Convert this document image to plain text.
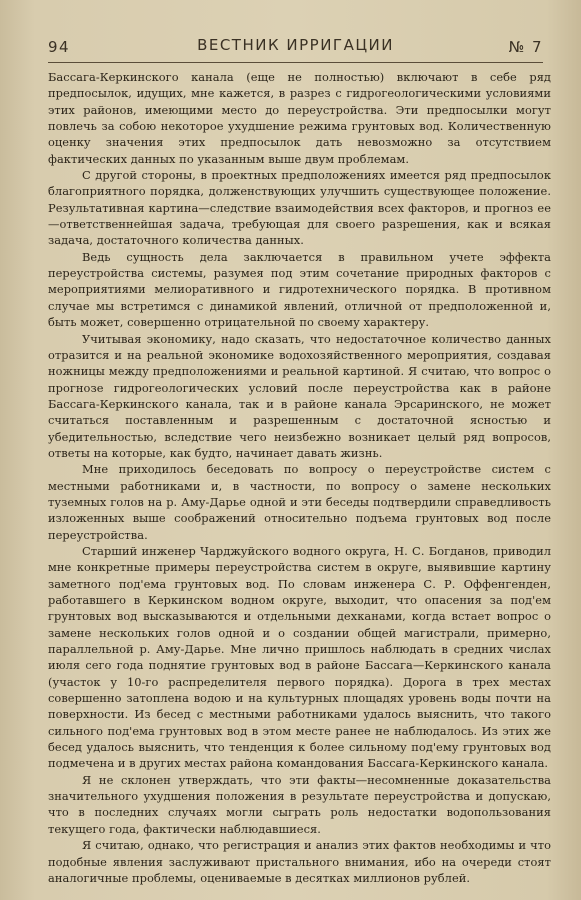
94	ВЕСТНИК ИРРИГАЦИИ	№ 7

Бассага-Керкинского канала (еще не полностью) включают в себе ряд предпосылок, идущих, мне кажется, в разрез с гидрогеологическими условиями этих районов, имеющими место до переустройства. Эти предпосылки могут повлечь за собою некоторое ухудшение режима грунтовых вод. Количественную оценку значения этих предпосылок дать невозможно за отсутствием фактических данных по указанным выше двум проблемам.

С другой стороны, в проектных предположениях имеется ряд предпосылок благоприятного порядка, долженствующих улучшить существующее положение. Результативная картина—следствие взаимодействия всех факторов, и прогноз ее—ответственнейшая задача, требующая для своего разрешения, как и всякая задача, достаточного количества данных.

Ведь сущность дела заключается в правильном учете эффекта переустройства системы, разумея под этим сочетание природных факторов с мероприятиями мелиоративного и гидротехнического порядка. В противном случае мы встретимся с динамикой явлений, отличной от предположенной и, быть может, совершенно отрицательной по своему характеру.

Учитывая экономику, надо сказать, что недостаточное количество данных отразится и на реальной экономике водохозяйственного мероприятия, создавая ножницы между предположениями и реальной картиной. Я считаю, что вопрос о прогнозе гидрогеологических условий после переустройства как в районе Бассага-Керкинского канала, так и в районе канала Эрсаринского, не может считаться поставленным и разрешенным с достаточной ясностью и убедительностью, вследствие чего неизбежно возникает целый ряд вопросов, ответы на которые, как будто, начинает давать жизнь.

Мне приходилось беседовать по вопросу о переустройстве систем с местными работниками и, в частности, по вопросу о замене нескольких туземных голов на р. Аму-Дарье одной и эти беседы подтвердили справедливость изложенных выше соображений относительно подъема грунтовых вод после переустройства.

Старший инженер Чарджуйского водного округа, Н. С. Богданов, приводил мне конкретные примеры переустройства систем в округе, выявившие картину заметного под'ема грунтовых вод. По словам инженера С. Р. Оффенгенден, работавшего в Керкинском водном округе, выходит, что опасения за под'ем грунтовых вод высказываются и отдельными дехканами, когда встает вопрос о замене нескольких голов одной и о создании общей магистрали, примерно, параллельной р. Аму-Дарье. Мне лично пришлось наблюдать в средних числах июля сего года поднятие грунтовых вод в районе Бассага—Керкинского канала (участок у 10-го распределителя первого порядка). Дорога в трех местах совершенно затоплена водою и на культурных площадях уровень воды почти на поверхности. Из бесед с местными работниками удалось выяснить, что такого сильного под'ема грунтовых вод в этом месте ранее не наблюдалось. Из этих же бесед удалось выяснить, что тенденция к более сильному под'ему грунтовых вод подмечена и в других местах района командования Бассага-Керкинского канала.

Я не склонен утверждать, что эти факты—несомненные доказательства значительного ухудшения положения в результате переустройства и допускаю, что в последних случаях могли сыграть роль недостатки водопользования текущего года, фактически наблюдавшиеся.

Я считаю, однако, что регистрация и анализ этих фактов необходимы и что подобные явления заслуживают пристального внимания, ибо на очереди стоят аналогичные проблемы, оцениваемые в десятках миллионов рублей.
